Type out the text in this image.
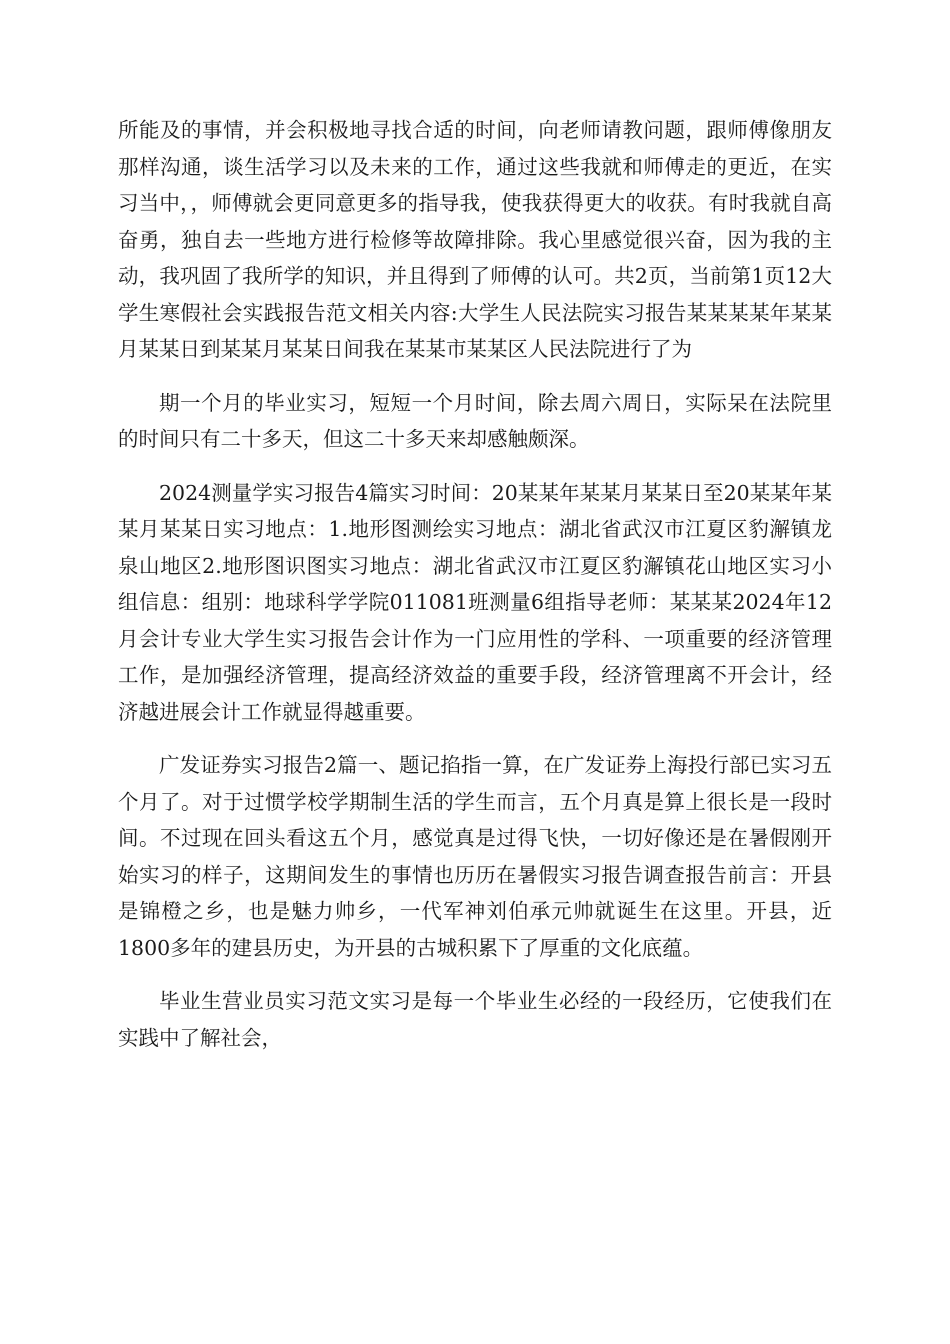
所能及的事情，并会积极地寻找合适的时间，向老师请教问题，跟师傅像朋友那样沟通，谈生活学习以及未来的工作，通过这些我就和师傅走的更近，在实习当中，，师傅就会更同意更多的指导我，使我获得更大的收获。有时我就自高奋勇，独自去一些地方进行检修等故障排除。我心里感觉很兴奋，因为我的主动，我巩固了我所学的知识，并且得到了师傅的认可。共2页，当前第1页12大学生寒假社会实践报告范文相关内容:大学生人民法院实习报告某某某某年某某月某某日到某某月某某日间我在某某市某某区人民法院进行了为

期一个月的毕业实习，短短一个月时间，除去周六周日，实际呆在法院里的时间只有二十多天，但这二十多天来却感触颇深。

2024测量学实习报告4篇实习时间：20某某年某某月某某日至20某某年某某月某某日实习地点：1.地形图测绘实习地点：湖北省武汉市江夏区豹澥镇龙泉山地区2.地形图识图实习地点：湖北省武汉市江夏区豹澥镇花山地区实习小组信息：组别：地球科学学院011081班测量6组指导老师：某某某2024年12月会计专业大学生实习报告会计作为一门应用性的学科、一项重要的经济管理工作，是加强经济管理，提高经济效益的重要手段，经济管理离不开会计，经济越进展会计工作就显得越重要。

广发证券实习报告2篇一、题记掐指一算，在广发证券上海投行部已实习五个月了。对于过惯学校学期制生活的学生而言，五个月真是算上很长是一段时间。不过现在回头看这五个月，感觉真是过得飞快，一切好像还是在暑假刚开始实习的样子，这期间发生的事情也历历在暑假实习报告调查报告前言：开县是锦橙之乡，也是魅力帅乡，一代军神刘伯承元帅就诞生在这里。开县，近1800多年的建县历史，为开县的古城积累下了厚重的文化底蕴。

毕业生营业员实习范文实习是每一个毕业生必经的一段经历，它使我们在实践中了解社会，
